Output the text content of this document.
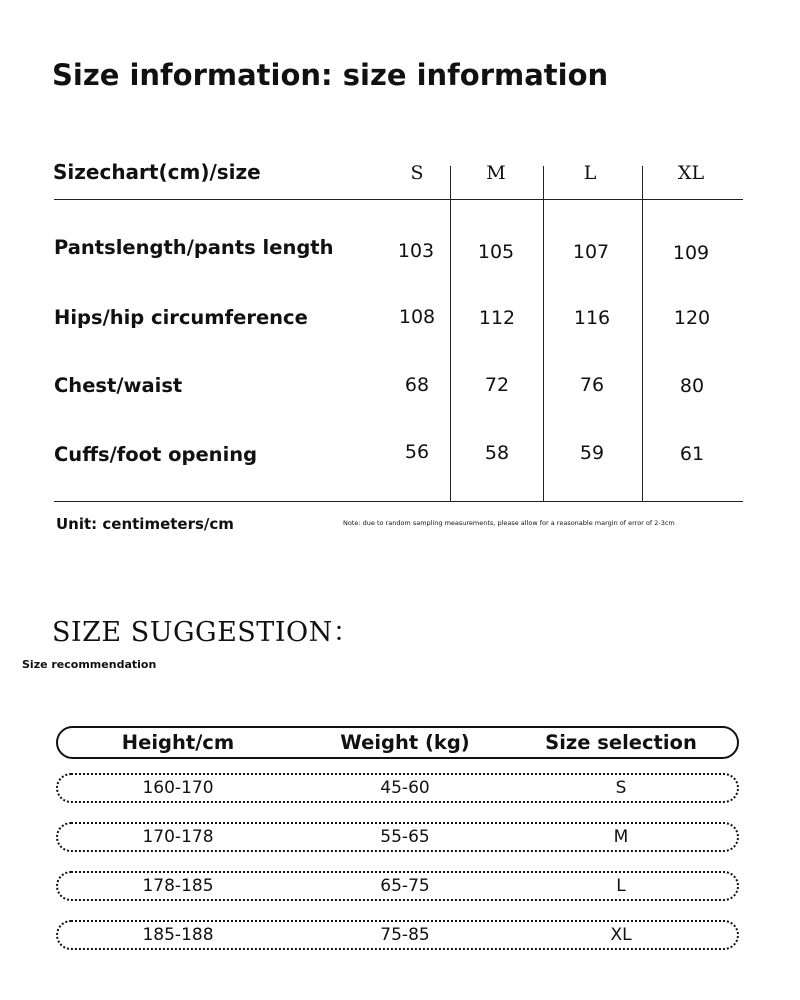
Size information: size information
Sizechart(cm)/size	S	M	L	XL
Pantslength/pants length	103	105	107	109
Hips/hip circumference	108	112	116	120
Chest/waist	68	72	76	80
Cuffs/foot opening	56	58	59	61
Unit: centimeters/cm	Note: due to random sampling measurements, please allow for a reasonable margin of error of 2-3cm
SIZE SUGGESTION：
Size recommendation
Height/cm	Weight (kg)	Size selection
160-170	45-60	S
170-178	55-65	M
178-185	65-75	L
185-188	75-85	XL
